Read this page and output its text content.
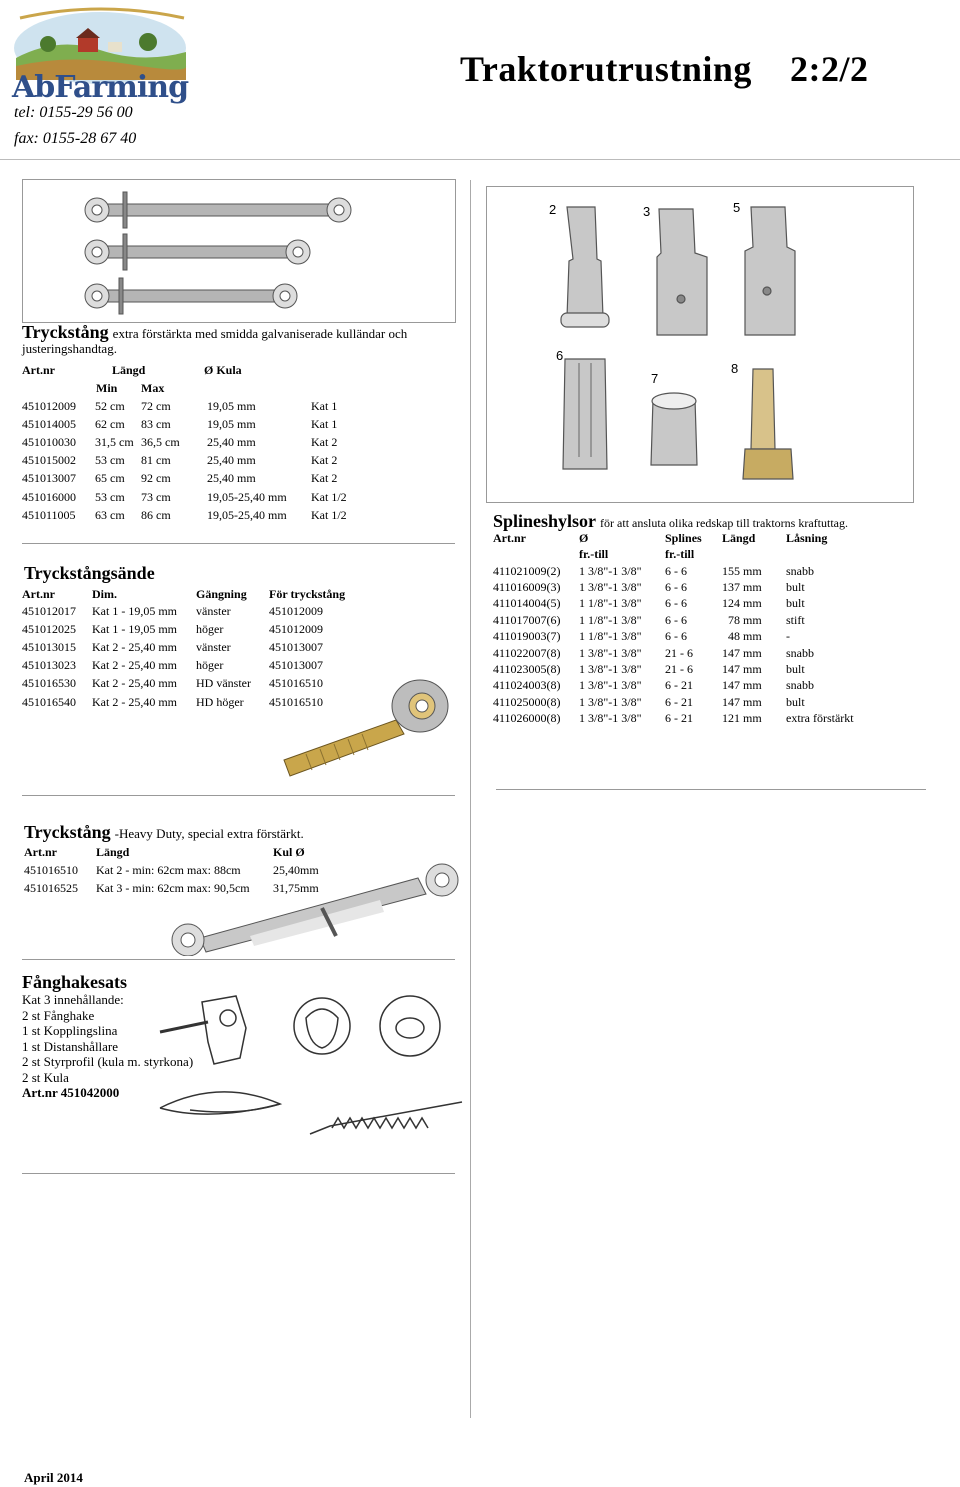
AbFarming
tel: 0155-29 56 00
fax: 0155-28 67 40
Traktorutrustning 2:2/2
Tryckstång extra förstärkta med smidda galvaniserade kulländar och justeringshandtag.
Art.nr	Längd	Ø Kula
Min Max
451012009	52 cm	72 cm	19,05 mm	Kat 1
451014005	62 cm	83 cm	19,05 mm	Kat 1
451010030	31,5 cm	36,5 cm	25,40 mm	Kat 2
451015002	53 cm	81 cm	25,40 mm	Kat 2
451013007	65 cm	92 cm	25,40 mm	Kat 2
451016000	53 cm	73 cm	19,05-25,40 mm	Kat 1/2
451011005	63 cm	86 cm	19,05-25,40 mm	Kat 1/2
Tryckstångsände
Art.nr	Dim.	Gängning För tryckstång
451012017	Kat 1 - 19,05 mm	vänster	451012009
451012025	Kat 1 - 19,05 mm	höger	451012009
451013015	Kat 2 - 25,40 mm	vänster	451013007
451013023	Kat 2 - 25,40 mm	höger	451013007
451016530	Kat 2 - 25,40 mm	HD vänster	451016510
451016540	Kat 2 - 25,40 mm	HD höger	451016510
Tryckstång -Heavy Duty, special extra förstärkt.
Art.nr	Längd	Kul Ø
451016510	Kat 2 - min: 62cm max: 88cm	25,40mm
451016525	Kat 3 - min: 62cm max: 90,5cm	31,75mm
Fånghakesats
Kat 3 innehållande:
2 st Fånghake
1 st Kopplingslina
1 st Distanshållare
2 st Styrprofil (kula m. styrkona)
2 st Kula
Art.nr 451042000
2	3	5
6
7
8
Splineshylsor för att ansluta olika redskap till traktorns kraftuttag.
Art.nr	Ø	Splines Längd	Låsning
fr.-till	fr.-till
411021009(2)	1 3/8"-1 3/8"	6 - 6	155 mm	snabb
411016009(3)	1 3/8"-1 3/8"	6 - 6	137 mm	bult
411014004(5)	1 1/8"-1 3/8"	6 - 6	124 mm	bult
411017007(6)	1 1/8"-1 3/8"	6 - 6	78 mm	stift
411019003(7)	1 1/8"-1 3/8"	6 - 6	48 mm	-
411022007(8)	1 3/8"-1 3/8"	21 - 6	147 mm	snabb
411023005(8)	1 3/8"-1 3/8"	21 - 6	147 mm	bult
411024003(8)	1 3/8"-1 3/8"	6 - 21	147 mm	snabb
411025000(8)	1 3/8"-1 3/8"	6 - 21	147 mm	bult
411026000(8)	1 3/8"-1 3/8"	6 - 21	121 mm	extra förstärkt
April 2014
